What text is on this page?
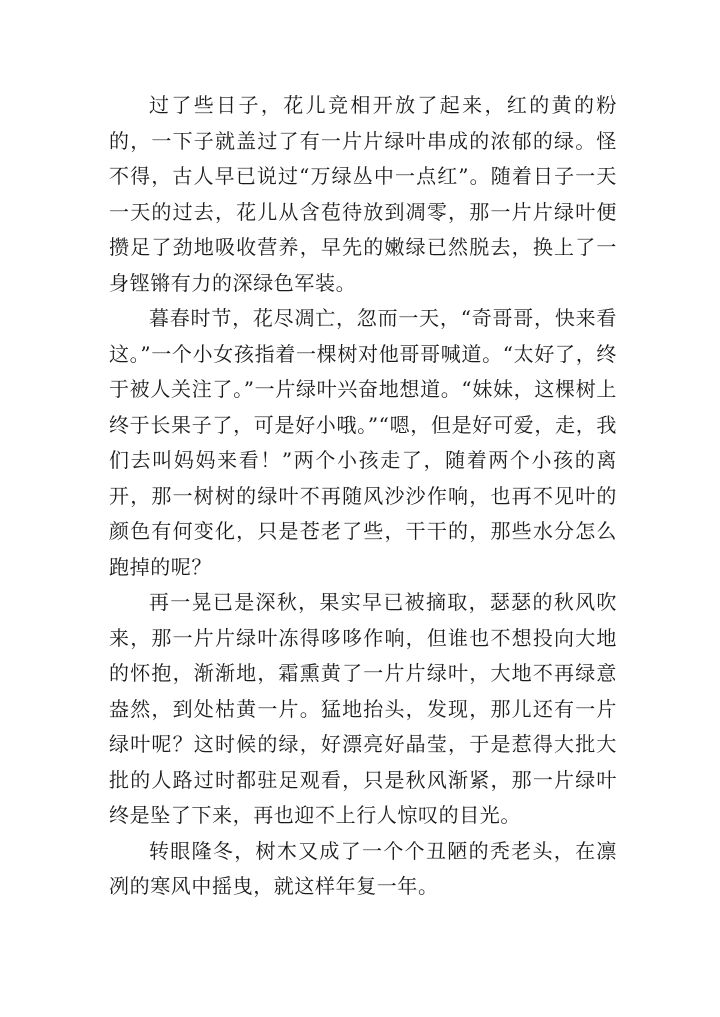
过了些日子，花儿竞相开放了起来，红的黄的粉的，一下子就盖过了有一片片绿叶串成的浓郁的绿。怪不得，古人早已说过“万绿丛中一点红”。随着日子一天一天的过去，花儿从含苞待放到凋零，那一片片绿叶便攒足了劲地吸收营养，早先的嫩绿已然脱去，换上了一身铿锵有力的深绿色军装。

暮春时节，花尽凋亡，忽而一天，“奇哥哥，快来看这。”一个小女孩指着一棵树对他哥哥喊道。“太好了，终于被人关注了。”一片绿叶兴奋地想道。“妹妹，这棵树上终于长果子了，可是好小哦。”“嗯，但是好可爱，走，我们去叫妈妈来看！”两个小孩走了，随着两个小孩的离开，那一树树的绿叶不再随风沙沙作响，也再不见叶的颜色有何变化，只是苍老了些，干干的，那些水分怎么跑掉的呢？

再一晃已是深秋，果实早已被摘取，瑟瑟的秋风吹来，那一片片绿叶冻得哆哆作响，但谁也不想投向大地的怀抱，渐渐地，霜熏黄了一片片绿叶，大地不再绿意盎然，到处枯黄一片。猛地抬头，发现，那儿还有一片绿叶呢？这时候的绿，好漂亮好晶莹，于是惹得大批大批的人路过时都驻足观看，只是秋风渐紧，那一片绿叶终是坠了下来，再也迎不上行人惊叹的目光。

转眼隆冬，树木又成了一个个丑陋的秃老头，在凛冽的寒风中摇曳，就这样年复一年。
